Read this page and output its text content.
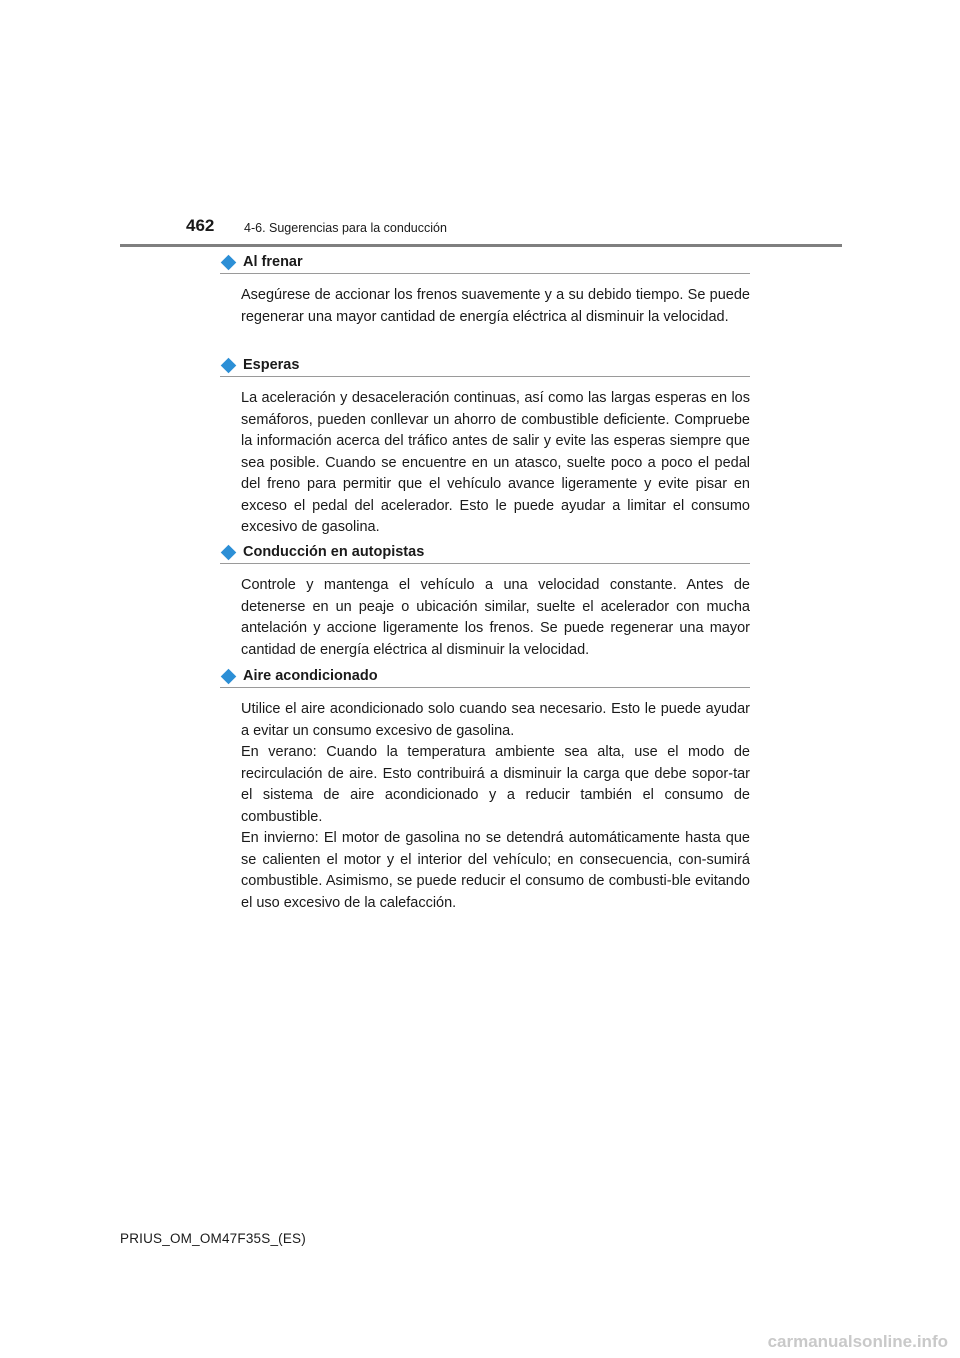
462 4-6. Sugerencias para la conducción
Al frenar

Asegúrese de accionar los frenos suavemente y a su debido tiempo. Se puede regenerar una mayor cantidad de energía eléctrica al disminuir la velocidad.

Esperas

La aceleración y desaceleración continuas, así como las largas esperas en los semáforos, pueden conllevar un ahorro de combustible deficiente. Compruebe la información acerca del tráfico antes de salir y evite las esperas siempre que sea posible. Cuando se encuentre en un atasco, suelte poco a poco el pedal del freno para permitir que el vehículo avance ligeramente y evite pisar en exceso el pedal del acelerador. Esto le puede ayudar a limitar el consumo excesivo de gasolina.

Conducción en autopistas

Controle y mantenga el vehículo a una velocidad constante. Antes de detenerse en un peaje o ubicación similar, suelte el acelerador con mucha antelación y accione ligeramente los frenos. Se puede regenerar una mayor cantidad de energía eléctrica al disminuir la velocidad.

Aire acondicionado

Utilice el aire acondicionado solo cuando sea necesario. Esto le puede ayudar a evitar un consumo excesivo de gasolina.

En verano: Cuando la temperatura ambiente sea alta, use el modo de recirculación de aire. Esto contribuirá a disminuir la carga que debe sopor-tar el sistema de aire acondicionado y a reducir también el consumo de combustible.

En invierno: El motor de gasolina no se detendrá automáticamente hasta que se calienten el motor y el interior del vehículo; en consecuencia, con-sumirá combustible. Asimismo, se puede reducir el consumo de combusti-ble evitando el uso excesivo de la calefacción.

PRIUS_OM_OM47F35S_(ES)
carmanualsonline.info
